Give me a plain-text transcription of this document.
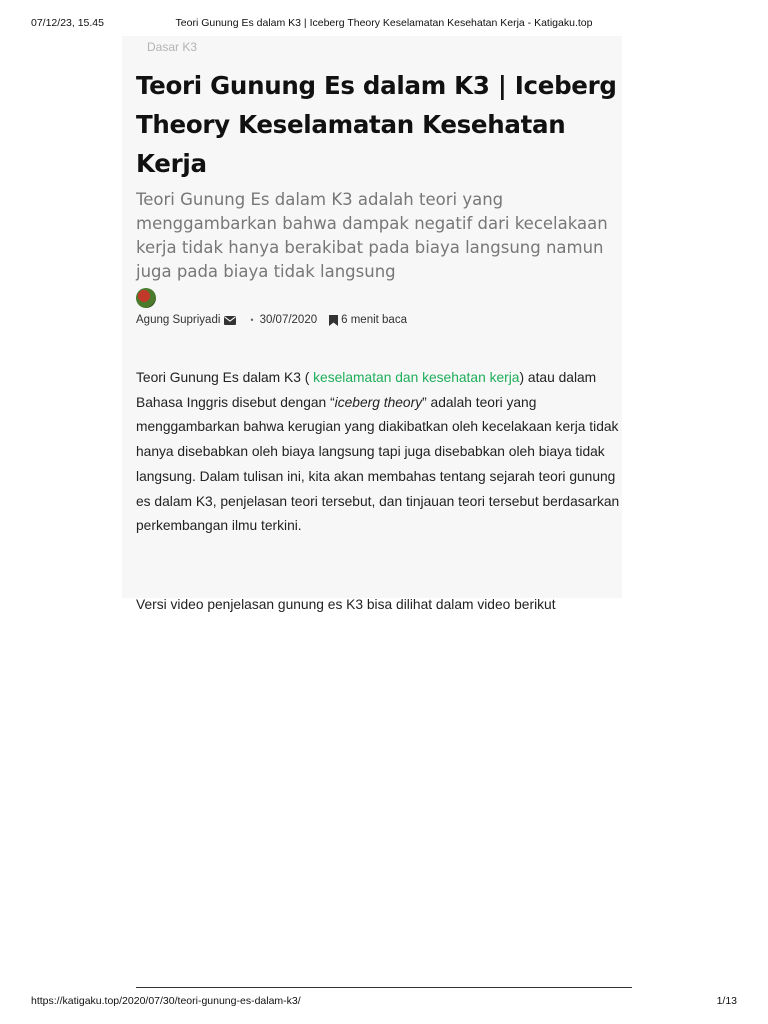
07/12/23, 15.45	Teori Gunung Es dalam K3 | Iceberg Theory Keselamatan Kesehatan Kerja - Katigaku.top
Dasar K3
Teori Gunung Es dalam K3 | Iceberg Theory Keselamatan Kesehatan Kerja

Teori Gunung Es dalam K3 adalah teori yang menggambarkan bahwa dampak negatif dari kecelakaan kerja tidak hanya berakibat pada biaya langsung namun juga pada biaya tidak langsung

Agung Supriyadi	• 30/07/2020 6 menit baca

Teori Gunung Es dalam K3 ( keselamatan dan kesehatan kerja) atau dalam Bahasa Inggris disebut dengan “iceberg theory” adalah teori yang menggambarkan bahwa kerugian yang diakibatkan oleh kecelakaan kerja tidak hanya disebabkan oleh biaya langsung tapi juga disebabkan oleh biaya tidak langsung. Dalam tulisan ini, kita akan membahas tentang sejarah teori gunung es dalam K3, penjelasan teori tersebut, dan tinjauan teori tersebut berdasarkan perkembangan ilmu terkini.

Versi video penjelasan gunung es K3 bisa dilihat dalam video berikut

https://katigaku.top/2020/07/30/teori-gunung-es-dalam-k3/	1/13
